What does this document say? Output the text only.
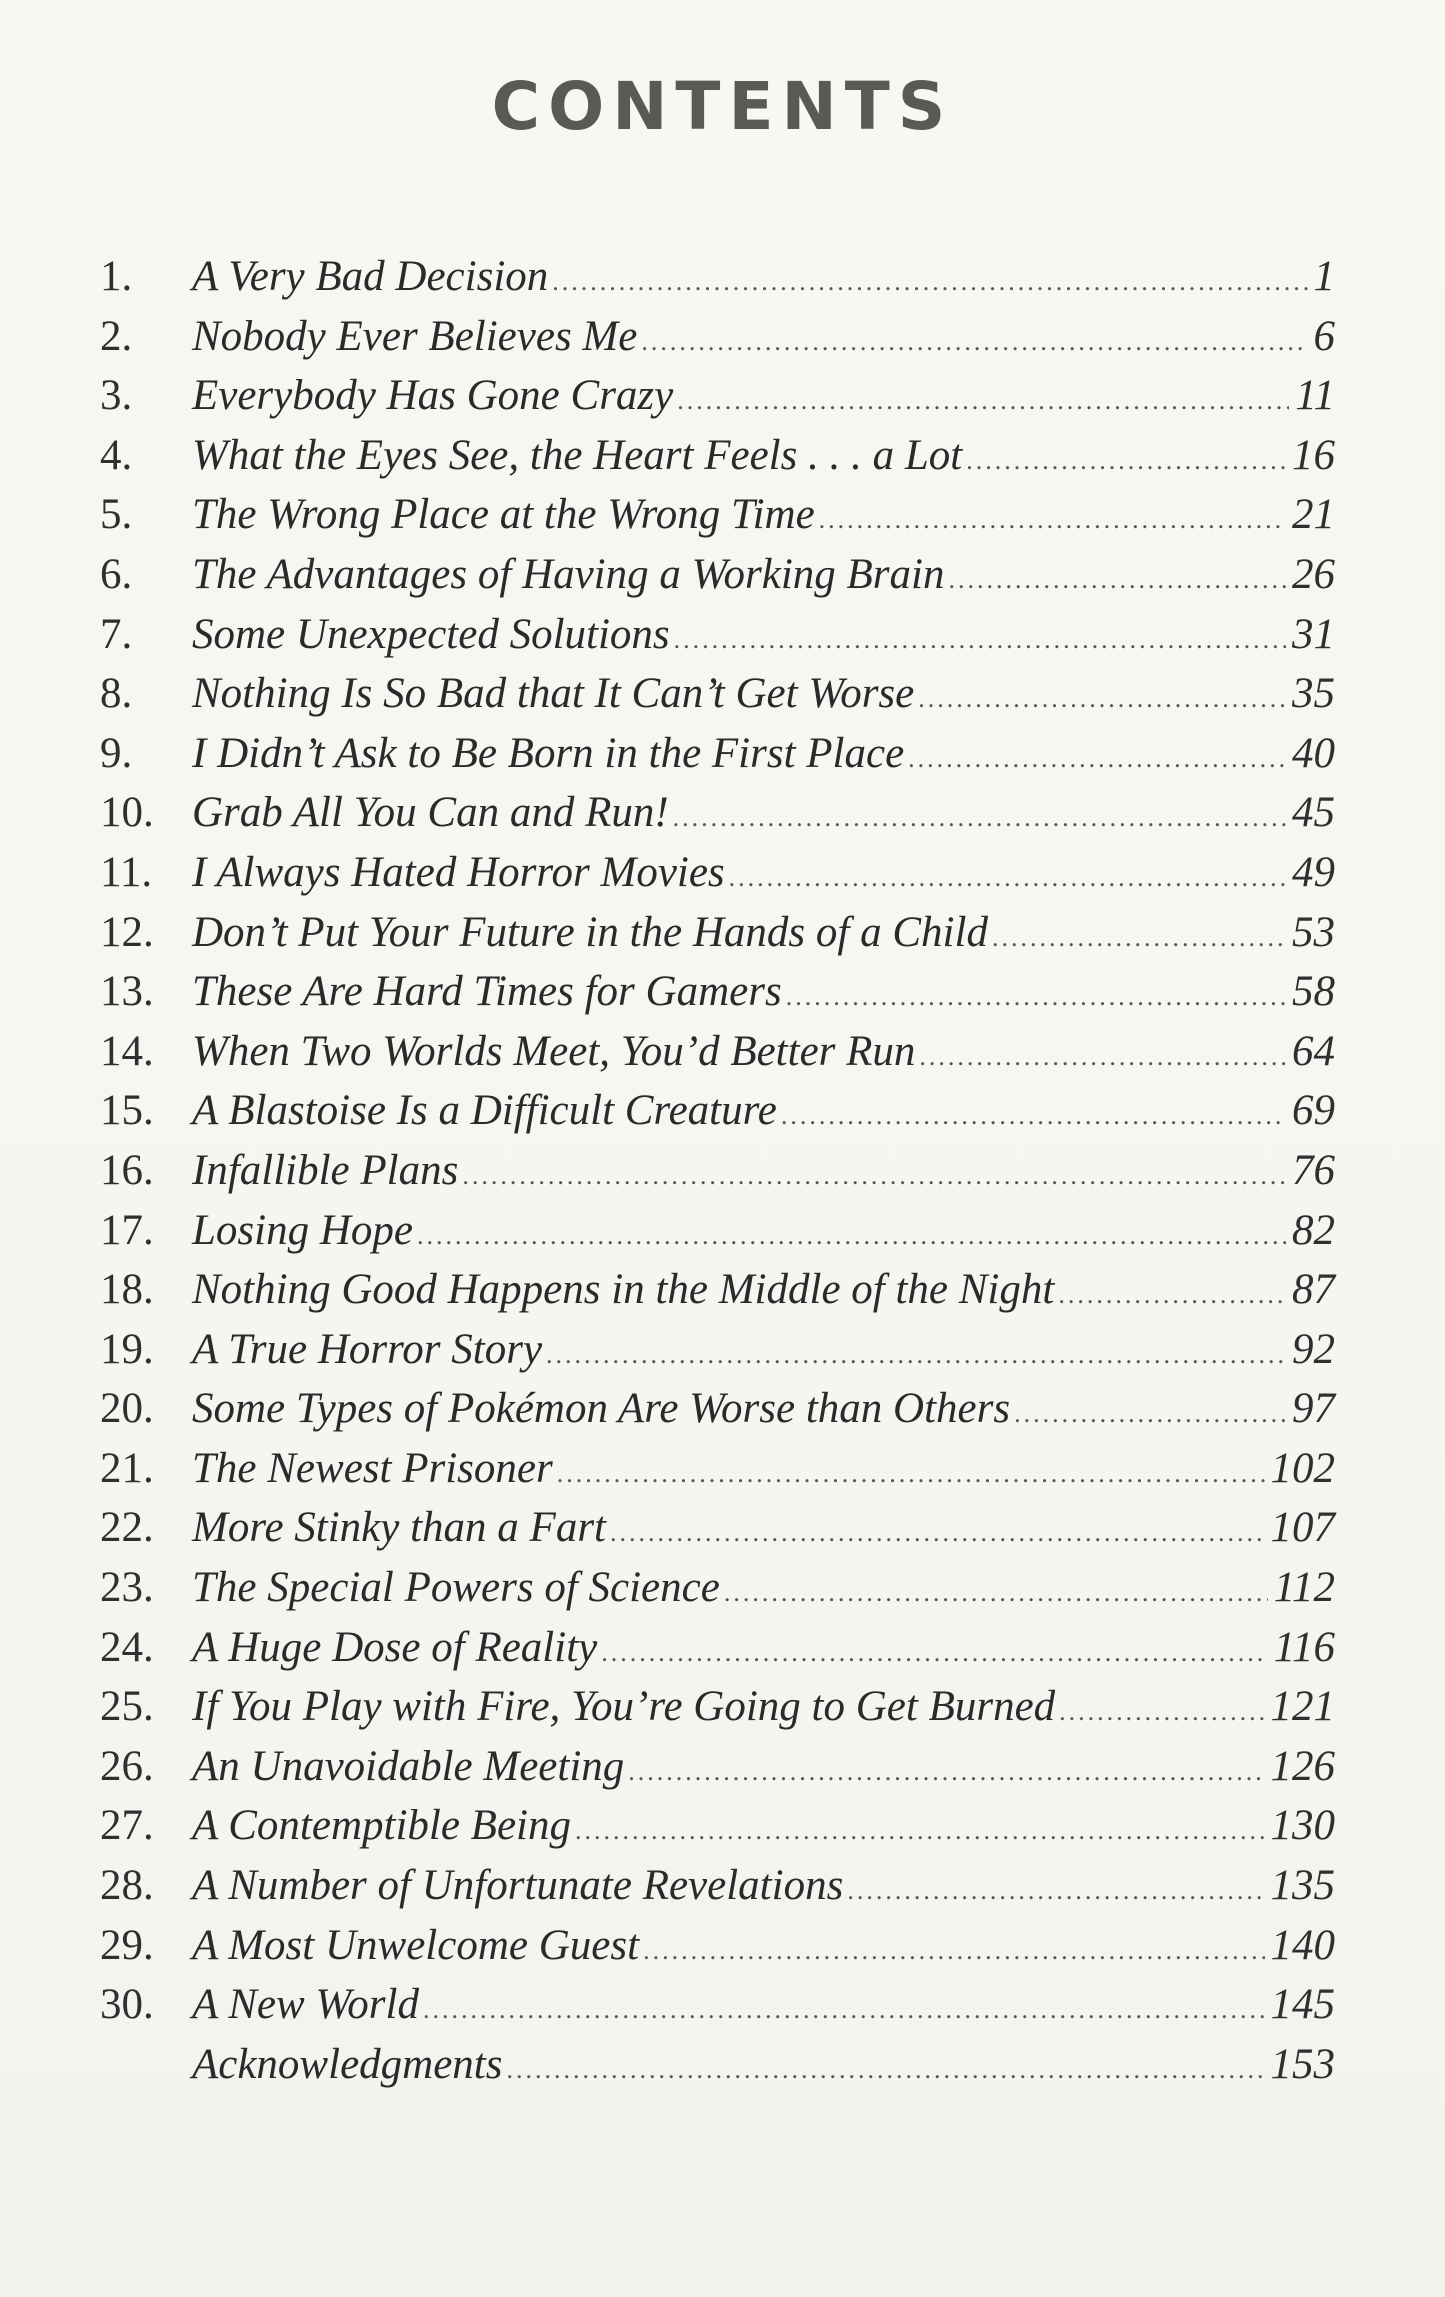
CONTENTS
1.	A Very Bad Decision .....	1
2.	Nobody Ever Believes Me .....	6
3.	Everybody Has Gone Crazy .....	11
4.	What the Eyes See, the Heart Feels . . . a Lot .....	16
5.	The Wrong Place at the Wrong Time .....	21
6.	The Advantages of Having a Working Brain .....	26
7.	Some Unexpected Solutions .....	31
8.	Nothing Is So Bad that It Can’t Get Worse .....	35
9.	I Didn’t Ask to Be Born in the First Place .....	40
10. Grab All You Can and Run! .....	45
11. I Always Hated Horror Movies .....	49
12. Don’t Put Your Future in the Hands of a Child .....	53
13. These Are Hard Times for Gamers .....	58
14. When Two Worlds Meet, You’d Better Run .....	64
15. A Blastoise Is a Difficult Creature .....	69
16. Infallible Plans .....	76
17. Losing Hope .....	82
18. Nothing Good Happens in the Middle of the Night .....	87
19. A True Horror Story .....	92
20. Some Types of Pokémon Are Worse than Others .....	97
21. The Newest Prisoner .....	102
22. More Stinky than a Fart .....	107
23. The Special Powers of Science .....	112
24. A Huge Dose of Reality .....	116
25. If You Play with Fire, You’re Going to Get Burned .....	121
26. An Unavoidable Meeting .....	126
27. A Contemptible Being .....	130
28. A Number of Unfortunate Revelations .....	135
29. A Most Unwelcome Guest .....	140
30. A New World .....	145
Acknowledgments .....	153
